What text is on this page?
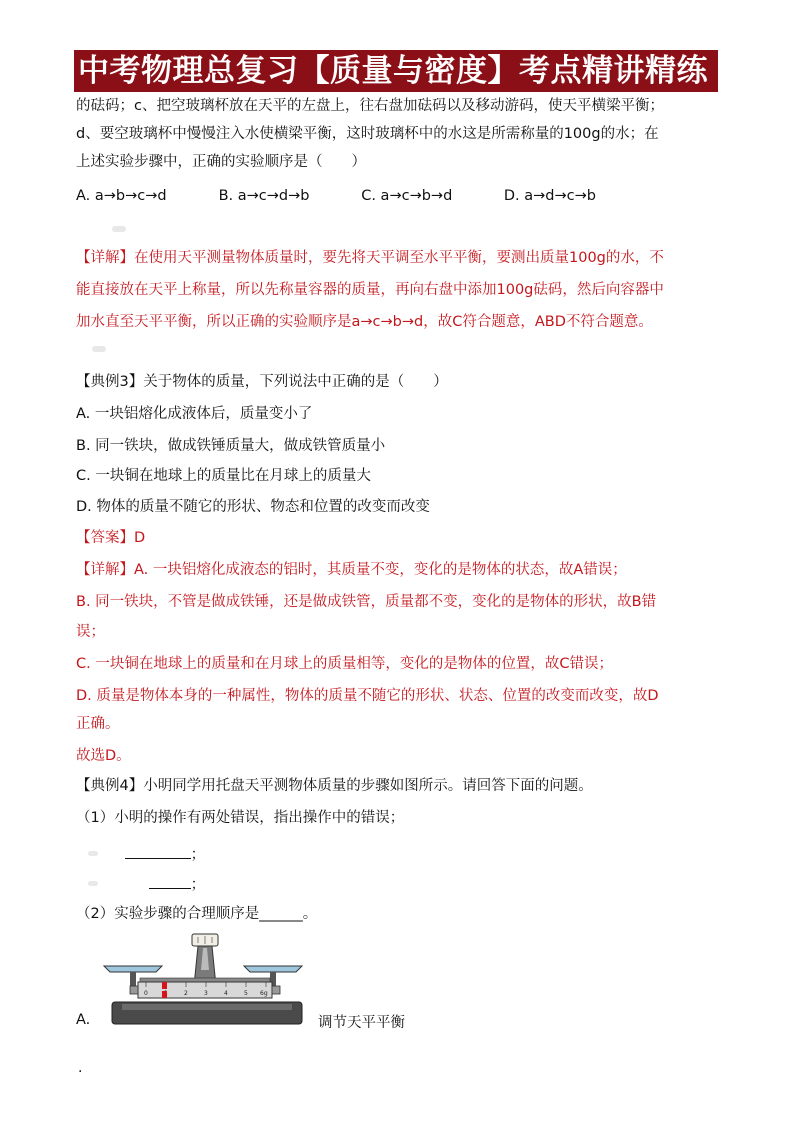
中考物理总复习【质量与密度】考点精讲精练
的砝码；c、把空玻璃杯放在天平的左盘上，往右盘加砝码以及移动游码，使天平横梁平衡；
d、要空玻璃杯中慢慢注入水使横梁平衡，这时玻璃杯中的水这是所需称量的100g的水；在
上述实验步骤中，正确的实验顺序是（　　）
A. a→b→c→d	B. a→c→d→b	C. a→c→b→d	D. a→d→c→b
【详解】在使用天平测量物体质量时，要先将天平调至水平平衡，要测出质量100g的水，不
能直接放在天平上称量，所以先称量容器的质量，再向右盘中添加100g砝码，然后向容器中
加水直至天平平衡，所以正确的实验顺序是a→c→b→d，故C符合题意，ABD不符合题意。
【典例3】关于物体的质量，下列说法中正确的是（　　）
A. 一块铝熔化成液体后，质量变小了
B. 同一铁块，做成铁锤质量大，做成铁管质量小
C. 一块铜在地球上的质量比在月球上的质量大
D. 物体的质量不随它的形状、物态和位置的改变而改变
【答案】D
【详解】A. 一块铝熔化成液态的铝时，其质量不变，变化的是物体的状态，故A错误；
B. 同一铁块，不管是做成铁锤，还是做成铁管，质量都不变，变化的是物体的形状，故B错
误；
C. 一块铜在地球上的质量和在月球上的质量相等，变化的是物体的位置，故C错误；
D. 质量是物体本身的一种属性，物体的质量不随它的形状、状态、位置的改变而改变，故D
正确。
故选D。
【典例4】小明同学用托盘天平测物体质量的步骤如图所示。请回答下面的问题。
（1）小明的操作有两处错误，指出操作中的错误；
；
；
（2）实验步骤的合理顺序是______。
0	2	3	4	5 6g
A.	调节天平平衡
.
